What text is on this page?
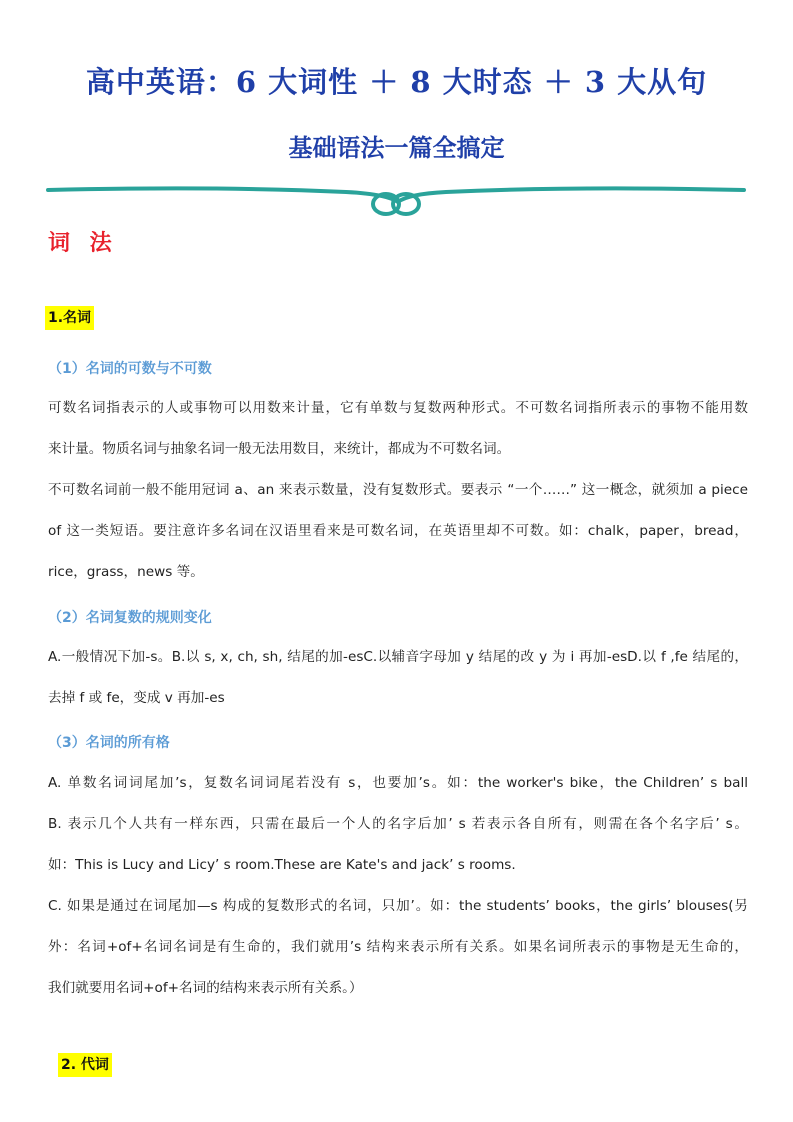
高中英语：6 大词性 ＋ 8 大时态 ＋ 3 大从句
基础语法一篇全搞定
词 法
1.名词
（1）名词的可数与不可数
可数名词指表示的人或事物可以用数来计量，它有单数与复数两种形式。不可数名词指所表示的事物不能用数
来计量。物质名词与抽象名词一般无法用数目，来统计，都成为不可数名词。
不可数名词前一般不能用冠词 a、an 来表示数量，没有复数形式。要表示 “一个……” 这一概念，就须加 a piece
of 这一类短语。要注意许多名词在汉语里看来是可数名词，在英语里却不可数。如：chalk，paper，bread，
rice，grass，news 等。
（2）名词复数的规则变化
A.一般情况下加-s。B.以 s, x, ch, sh, 结尾的加-esC.以辅音字母加 y 结尾的改 y 为 i 再加-esD.以 f ,fe 结尾的，
去掉 f 或 fe，变成 v 再加-es
（3）名词的所有格
A. 单数名词词尾加’s，复数名词词尾若没有 s，也要加’s。如：the worker's bike，the Children’ s ball
B. 表示几个人共有一样东西，只需在最后一个人的名字后加’ s 若表示各自所有，则需在各个名字后’ s。
如：This is Lucy and Licy’ s room.These are Kate's and jack’ s rooms.
C. 如果是通过在词尾加—s 构成的复数形式的名词，只加’。如：the students’ books，the girls’ blouses(另
外：名词+of+名词名词是有生命的，我们就用’s 结构来表示所有关系。如果名词所表示的事物是无生命的，
我们就要用名词+of+名词的结构来表示所有关系。）
2. 代词
